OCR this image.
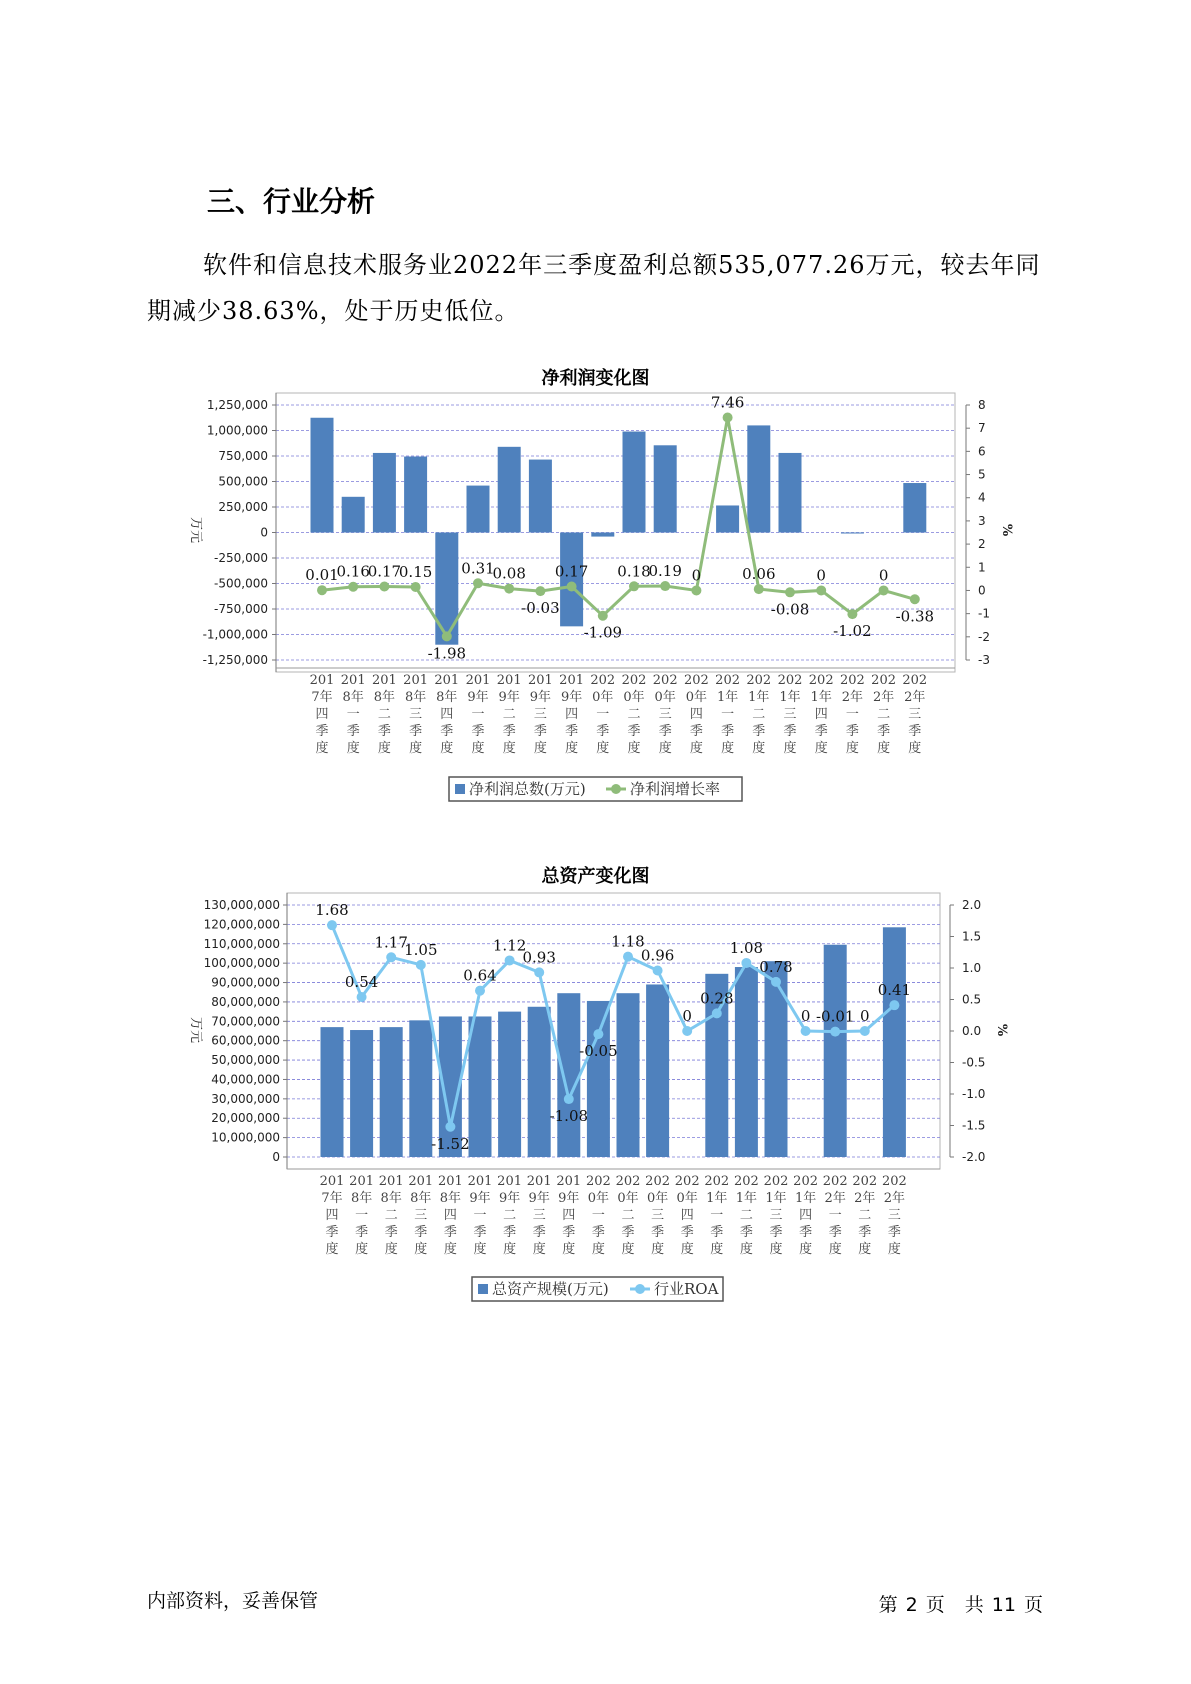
三、行业分析

软件和信息技术服务业2022年三季度盈利总额535,077.26万元，较去年同期减少38.63%，处于历史低位。

净利润变化图
总资产变化图
1,250,000
1,000,000
750,000
500,000
250,000
0
-250,000
-500,000
-750,000
-1,000,000
-1,250,000
8
7
6
5
4
3
2
1
0
-1
-2
-3
万元	%
0.01
0.16
0.17
0.15
-1.98
0.31
0.08
-0.03
0.17
-1.09
0.18
0.19 0
7.46
0.06
-0.08
0
-1.02
0
-0.38
201
7年
四
季
度
201
8年
一
季
度
201
8年
二
季
度
201
8年
三
季
度
201
8年
四
季
度
201
9年
一
季
度
201
9年
二
季
度
201
9年
三
季
度
201
9年
四
季
度
202
0年
一
季
度
202
0年
二
季
度
202
0年
三
季
度
202
0年
四
季
度
202
1年
一
季
度
202
1年
二
季
度
202
1年
三
季
度
202
1年
四
季
度
202
2年
一
季
度
202
2年
二
季
度
202
2年
三
季
度
净利润总数(万元)	净利润增长率
130,000,000
120,000,000
110,000,000
100,000,000
90,000,000
80,000,000
70,000,000
60,000,000
50,000,000
40,000,000
30,000,000
20,000,000
10,000,000
0
2.0
1.5
1.0
0.5
0.0
-0.5
-1.0
-1.5
-2.0
万元	%
1.68
0.54
1.17
1.05
-1.52
0.64
1.12
0.93
-1.08
-0.05
1.18
0.96
0
0.28
1.08
0.78
0 -0.01 0
0.41
201
7年
四
季
度
201
8年
一
季
度
201
8年
二
季
度
201
8年
三
季
度
201
8年
四
季
度
201
9年
一
季
度
201
9年
二
季
度
201
9年
三
季
度
201
9年
四
季
度
202
0年
一
季
度
202
0年
二
季
度
202
0年
三
季
度
202
0年
四
季
度
202
1年
一
季
度
202
1年
二
季
度
202
1年
三
季
度
202
1年
四
季
度
202
2年
一
季
度
202
2年
二
季
度
202
2年
三
季
度
总资产规模(万元)	行业ROA
内部资料，妥善保管	第 2 页 共 11 页
